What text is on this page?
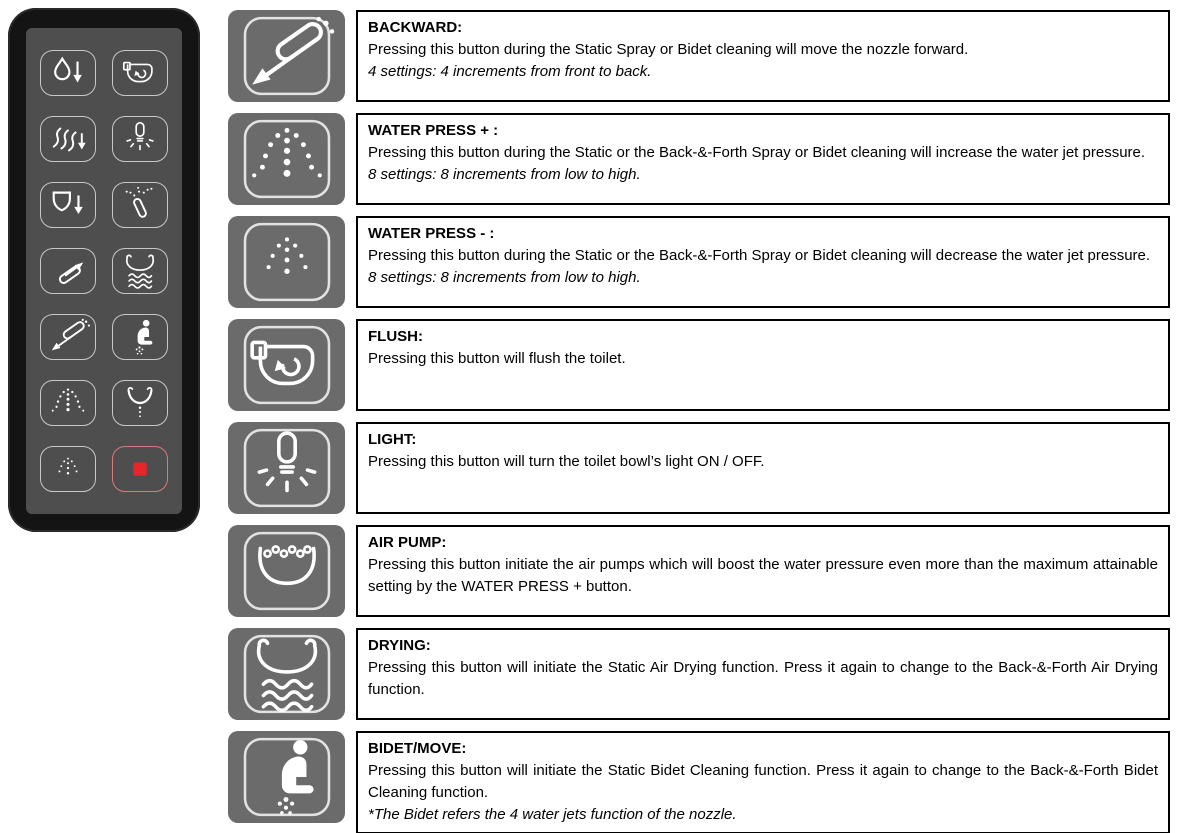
BACKWARD:
Pressing this button during the Static Spray or Bidet cleaning will move the nozzle forward.
4 settings: 4 increments from front to back.
WATER PRESS + :
Pressing this button during the Static or the Back-&-Forth Spray or Bidet cleaning will increase the water jet pressure.
8 settings: 8 increments from low to high.
WATER PRESS - :
Pressing this button during the Static or the Back-&-Forth Spray or Bidet cleaning will decrease the water jet pressure.
8 settings: 8 increments from low to high.
FLUSH:
Pressing this button will flush the toilet.
LIGHT:
Pressing this button will turn the toilet bowl’s light ON / OFF.
AIR PUMP:
Pressing this button initiate the air pumps which will boost the water pressure even more than the maximum attainable setting by the WATER PRESS + button.
DRYING:
Pressing this button will initiate the Static Air Drying function. Press it again to change to the Back-&-Forth Air Drying function.
BIDET/MOVE:
Pressing this button will initiate the Static Bidet Cleaning function. Press it again to change to the Back-&-Forth Bidet Cleaning function.
*The Bidet refers the 4 water jets function of the nozzle.
